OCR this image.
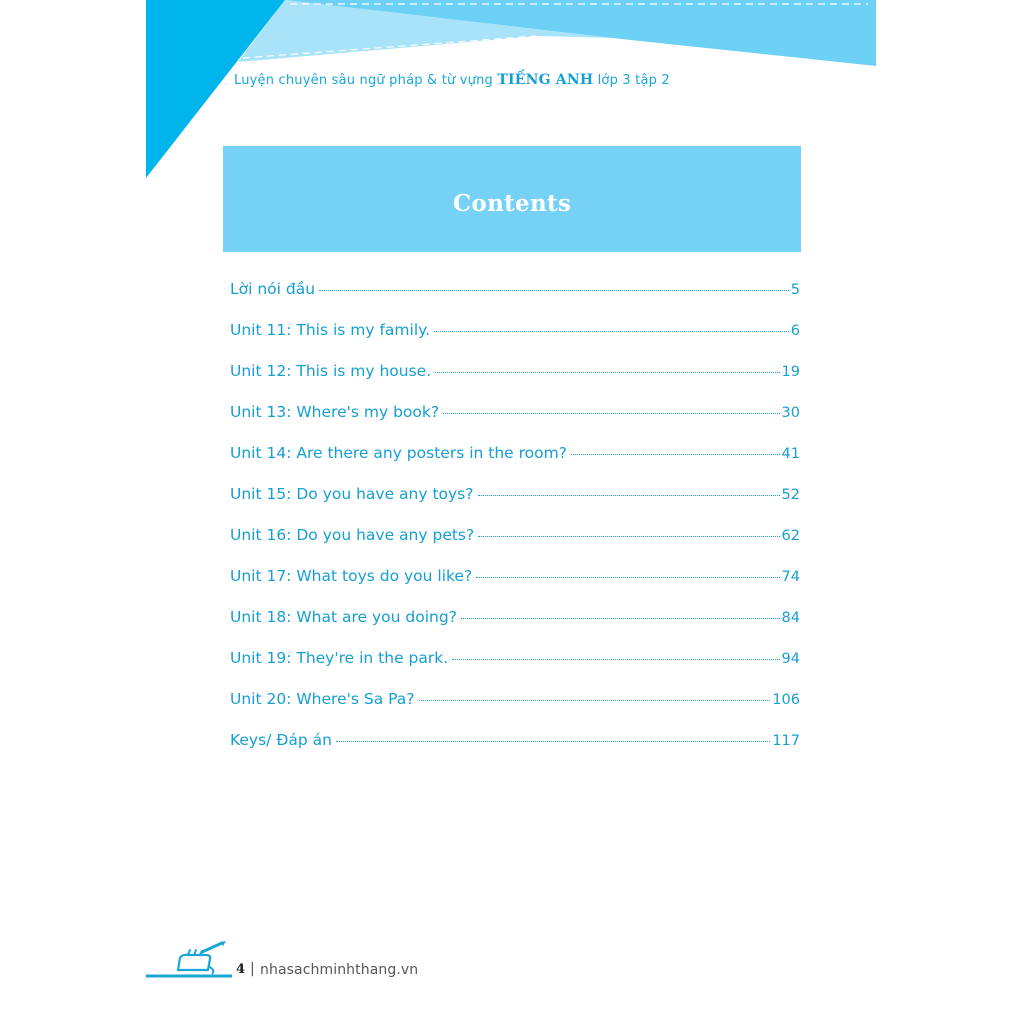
Luyện chuyên sâu ngữ pháp & từ vựng TIẾNG ANH lớp 3 tập 2
Contents
Lời nói đầu	5
Unit 11: This is my family.	6
Unit 12: This is my house.	19
Unit 13: Where's my book?	30
Unit 14: Are there any posters in the room?	41
Unit 15: Do you have any toys?	52
Unit 16: Do you have any pets?	62
Unit 17: What toys do you like?	74
Unit 18: What are you doing?	84
Unit 19: They're in the park.	94
Unit 20: Where's Sa Pa?	106
Keys/ Đáp án	117
4 | nhasachminhthang.vn
